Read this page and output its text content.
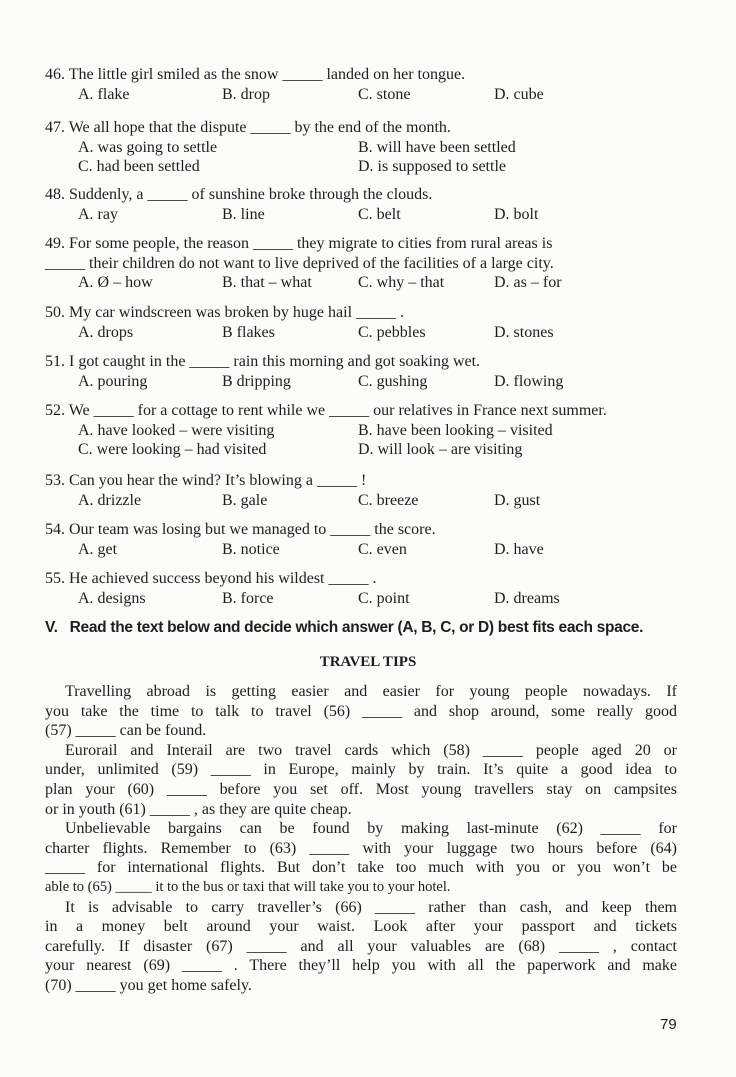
46. The little girl smiled as the snow _____ landed on her tongue.
A. flake	B. drop	C. stone	D. cube
47. We all hope that the dispute _____ by the end of the month.
A. was going to settle	B. will have been settled
C. had been settled	D. is supposed to settle
48. Suddenly, a _____ of sunshine broke through the clouds.
A. ray	B. line	C. belt	D. bolt
49. For some people, the reason _____ they migrate to cities from rural areas is
_____ their children do not want to live deprived of the facilities of a large city.
A. Ø – how	B. that – what	C. why – that	D. as – for
50. My car windscreen was broken by huge hail _____ .
A. drops	B flakes	C. pebbles	D. stones
51. I got caught in the _____ rain this morning and got soaking wet.
A. pouring	B dripping	C. gushing	D. flowing
52. We _____ for a cottage to rent while we _____ our relatives in France next summer.
A. have looked – were visiting	B. have been looking – visited
C. were looking – had visited	D. will look – are visiting
53. Can you hear the wind? It’s blowing a _____ !
A. drizzle	B. gale	C. breeze	D. gust
54. Our team was losing but we managed to _____ the score.
A. get	B. notice	C. even	D. have
55. He achieved success beyond his wildest _____ .
A. designs	B. force	C. point	D. dreams
V.   Read the text below and decide which answer (A, B, C, or D) best fits each space.
TRAVEL TIPS
Travelling abroad is getting easier and easier for young people nowadays. If
you take the time to talk to travel (56) _____ and shop around, some really good
(57) _____ can be found.
Eurorail and Interail are two travel cards which (58) _____ people aged 20 or
under, unlimited (59) _____ in Europe, mainly by train. It’s quite a good idea to
plan your (60) _____ before you set off. Most young travellers stay on campsites
or in youth (61) _____ , as they are quite cheap.
Unbelievable bargains can be found by making last-minute (62) _____ for
charter flights. Remember to (63) _____ with your luggage two hours before (64)
_____ for international flights. But don’t take too much with you or you won’t be
able to (65) _____ it to the bus or taxi that will take you to your hotel.
It is advisable to carry traveller’s (66) _____ rather than cash, and keep them
in a money belt around your waist. Look after your passport and tickets
carefully. If disaster (67) _____ and all your valuables are (68) _____ , contact
your nearest (69) _____ . There they’ll help you with all the paperwork and make
(70) _____ you get home safely.
79
